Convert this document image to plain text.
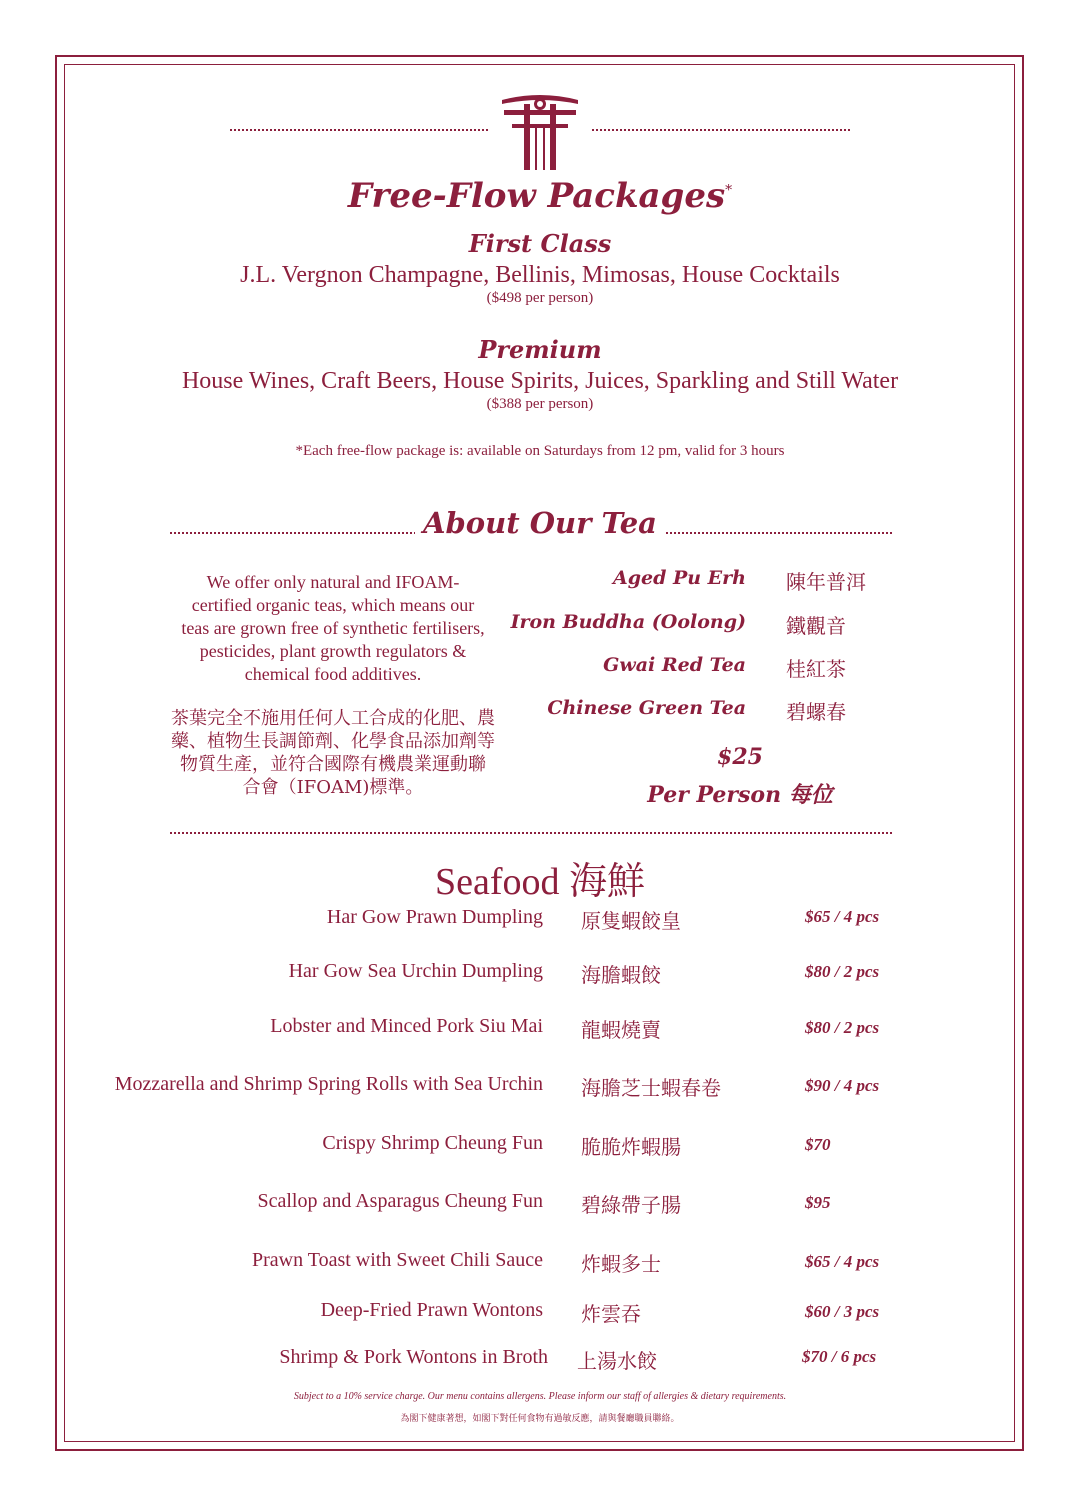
Free-Flow Packages*
First Class
J.L. Vergnon Champagne, Bellinis, Mimosas, House Cocktails
($498 per person)
Premium
House Wines, Craft Beers, House Spirits, Juices, Sparkling and Still Water
($388 per person)
*Each free-flow package is: available on Saturdays from 12 pm, valid for 3 hours
About Our Tea
We offer only natural and IFOAM-
certified organic teas, which means our
teas are grown free of synthetic fertilisers,
pesticides, plant growth regulators &
chemical food additives.
茶葉完全不施用任何人工合成的化肥、農
藥、植物生長調節劑、化學食品添加劑等
物質生產，並符合國際有機農業運動聯
合會（IFOAM)標準。
Aged Pu Erh 陳年普洱
Iron Buddha (Oolong) 鐵觀音
Gwai Red Tea 桂紅茶
Chinese Green Tea 碧螺春
$25
Per Person 每位
Seafood 海鮮
Har Gow Prawn Dumpling 原隻蝦餃皇	$65 / 4 pcs
Har Gow Sea Urchin Dumpling 海膽蝦餃	$80 / 2 pcs
Lobster and Minced Pork Siu Mai 龍蝦燒賣	$80 / 2 pcs
Mozzarella and Shrimp Spring Rolls with Sea Urchin 海膽芝士蝦春卷	$90 / 4 pcs
Crispy Shrimp Cheung Fun 脆脆炸蝦腸	$70
Scallop and Asparagus Cheung Fun 碧綠帶子腸	$95
Prawn Toast with Sweet Chili Sauce 炸蝦多士	$65 / 4 pcs
Deep-Fried Prawn Wontons 炸雲吞	$60 / 3 pcs
Shrimp & Pork Wontons in Broth 上湯水餃	$70 / 6 pcs
Subject to a 10% service charge. Our menu contains allergens. Please inform our staff of allergies & dietary requirements.
為閣下健康著想，如閣下對任何食物有過敏反應，請與餐廳職員聯絡。
